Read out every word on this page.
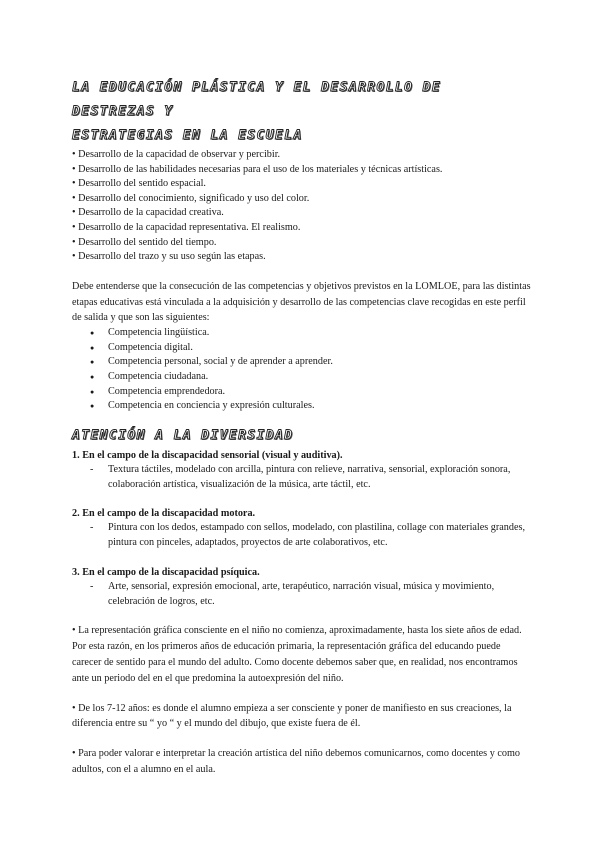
LA EDUCACIÓN PLÁSTICA Y EL DESARROLLO DE DESTREZAS Y

ESTRATEGIAS EN LA ESCUELA

• Desarrollo de la capacidad de observar y percibir.

• Desarrollo de las habilidades necesarias para el uso de los materiales y técnicas artísticas.

• Desarrollo del sentido espacial.

• Desarrollo del conocimiento, significado y uso del color.

• Desarrollo de la capacidad creativa.

• Desarrollo de la capacidad representativa. El realismo.

• Desarrollo del sentido del tiempo.

• Desarrollo del trazo y su uso según las etapas.

Debe entenderse que la consecución de las competencias y objetivos previstos en la LOMLOE, para las distintas etapas educativas está vinculada a la adquisición y desarrollo de las competencias clave recogidas en este perfil de salida y que son las siguientes:

● Competencia lingüística.
● Competencia digital.
● Competencia personal, social y de aprender a aprender.
● Competencia ciudadana.
● Competencia emprendedora.
● Competencia en conciencia y expresión culturales.

ATENCIÓN A LA DIVERSIDAD

1. En el campo de la discapacidad sensorial (visual y auditiva).

- Textura táctiles, modelado con arcilla, pintura con relieve, narrativa, sensorial, exploración sonora, colaboración artística, visualización de la música, arte táctil, etc.

2. En el campo de la discapacidad motora.

- Pintura con los dedos, estampado con sellos, modelado, con plastilina, collage con materiales grandes, pintura con pinceles, adaptados, proyectos de arte colaborativos, etc.

3. En el campo de la discapacidad psíquica.

- Arte, sensorial, expresión emocional, arte, terapéutico, narración visual, música y movimiento, celebración de logros, etc.

• La representación gráfica consciente en el niño no comienza, aproximadamente, hasta los siete años de edad. Por esta razón, en los primeros años de educación primaria, la representación gráfica del educando puede carecer de sentido para el mundo del adulto. Como docente debemos saber que, en realidad, nos encontramos ante un periodo del en el que predomina la autoexpresión del niño.

• De los 7-12 años: es donde el alumno empieza a ser consciente y poner de manifiesto en sus creaciones, la diferencia entre su “ yo “ y el mundo del dibujo, que existe fuera de él.

• Para poder valorar e interpretar la creación artística del niño debemos comunicarnos, como docentes y como adultos, con el a alumno en el aula.
